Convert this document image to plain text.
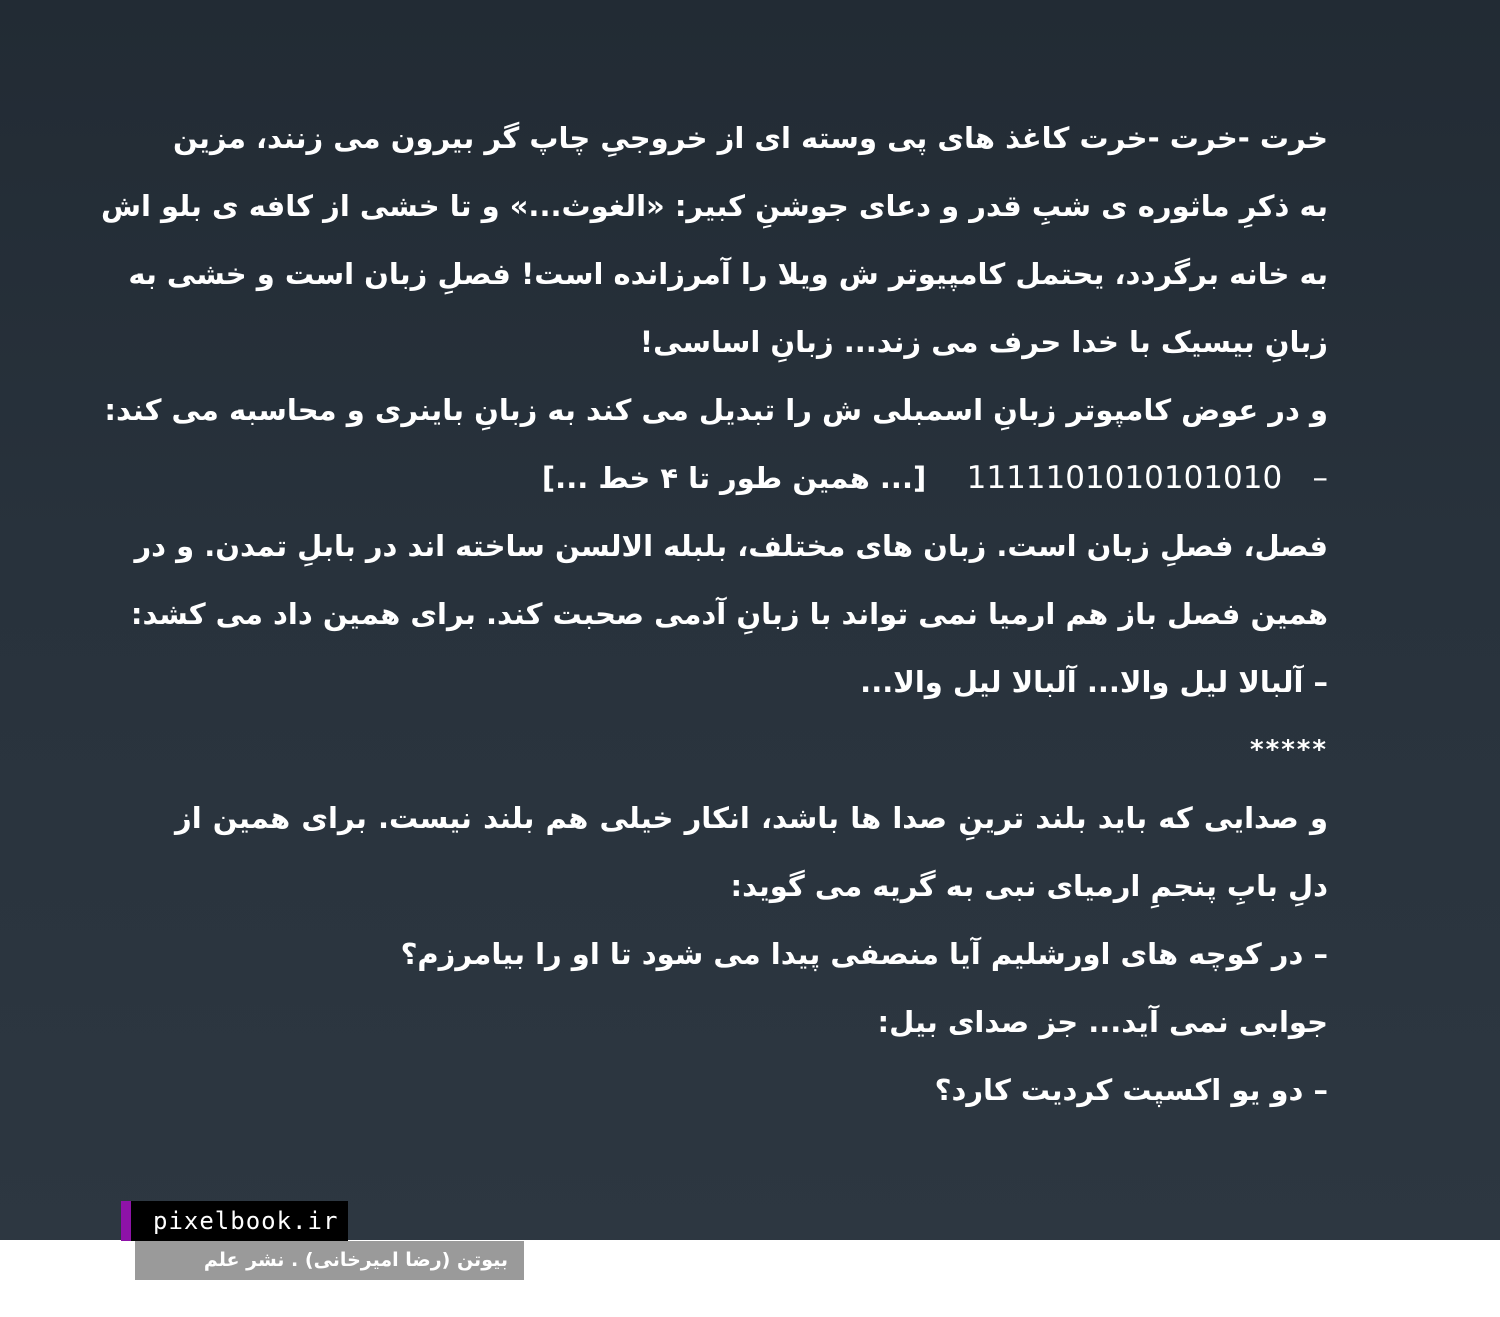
خرت -خرت -خرت کاغذ های پی وسته ای از خروجیِ چاپ گر بیرون می زنند، مزین
به ذکرِ ماثوره ی شبِ قدر و دعای جوشنِ کبیر: «الغوث...» و تا خشی از کافه ی بلو اش
به خانه برگردد، یحتمل کامپیوتر ش ویلا را آمرزانده است! فصلِ زبان است و خشی به
زبانِ بیسیک با خدا حرف می زند... زبانِ اساسی!
و در عوض کامپوتر زبانِ اسمبلی ش را تبدیل می کند به زبانِ باینری و محاسبه می کند:
[... همین طور تا ۴ خط ...] 1111101010101010 –
فصل، فصلِ زبان است. زبان های مختلف، بلبله الالسن ساخته اند در بابلِ تمدن. و در
همین فصل باز هم ارمیا نمی تواند با زبانِ آدمی صحبت کند. برای همین داد می کشد:
– آلبالا لیل والا... آلبالا لیل والا...
*****
و صدایی که باید بلند ترینِ صدا ها باشد، انکار خیلی هم بلند نیست. برای همین از
دلِ بابِ پنجمِ ارمیای نبی به گریه می گوید:
– در کوچه های اورشلیم آیا منصفی پیدا می شود تا او را بیامرزم؟
جوابی نمی آید... جز صدای بیل:
– دو یو اکسپت کردیت کارد؟
pixelbook.ir
بیوتن (رضا امیرخانی) . نشر علم
